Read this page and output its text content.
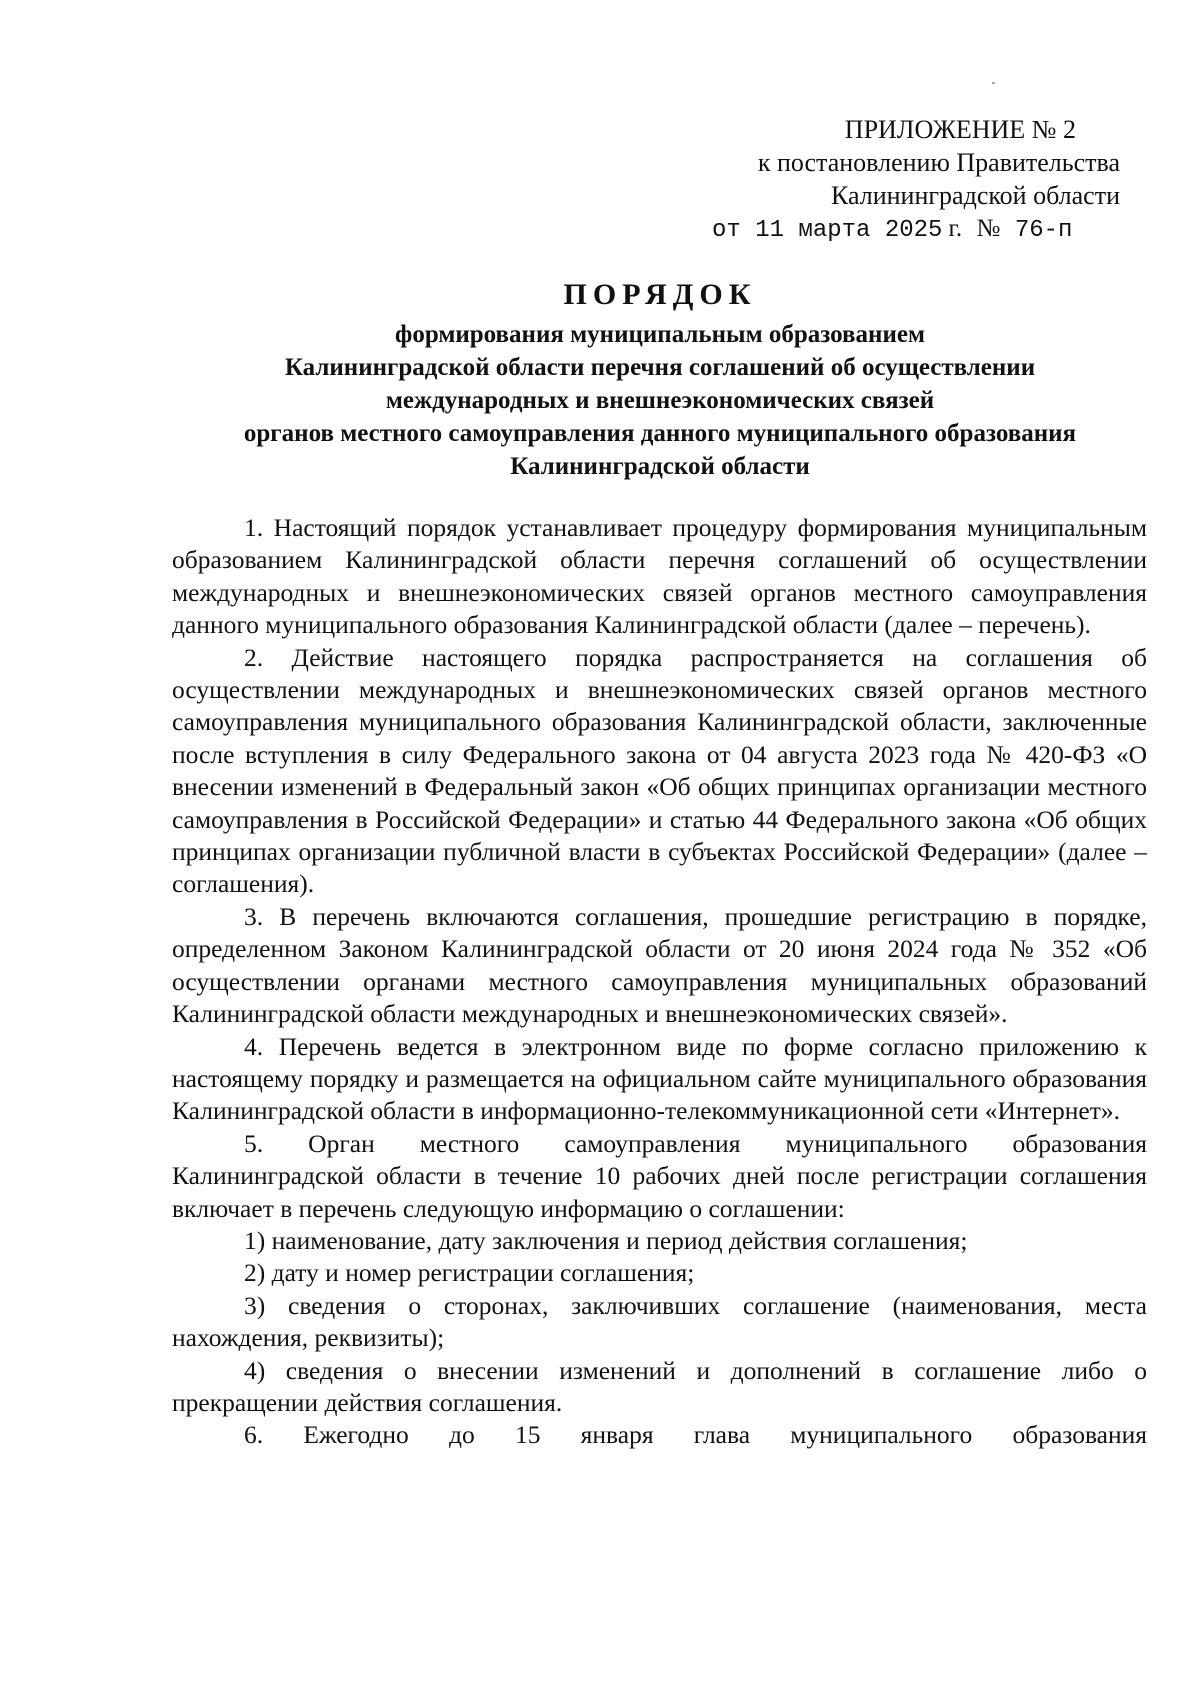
ПРИЛОЖЕНИЕ № 2
к постановлению Правительства
Калининградской области
от 11 марта 2025 г. № 76-п
ПОРЯДОК
формирования муниципальным образованием
Калининградской области перечня соглашений об осуществлении
международных и внешнеэкономических связей
органов местного самоуправления данного муниципального образования
Калининградской области

1. Настоящий порядок устанавливает процедуру формирования муниципальным образованием Калининградской области перечня соглашений об осуществлении международных и внешнеэкономических связей органов местного самоуправления данного муниципального образования Калининградской области (далее – перечень).

2. Действие настоящего порядка распространяется на соглашения об осуществлении международных и внешнеэкономических связей органов местного самоуправления муниципального образования Калининградской области, заключенные после вступления в силу Федерального закона от 04 августа 2023 года № 420-ФЗ «О внесении изменений в Федеральный закон «Об общих принципах организации местного самоуправления в Российской Федерации» и статью 44 Федерального закона «Об общих принципах организации публичной власти в субъектах Российской Федерации» (далее – соглашения).

3. В перечень включаются соглашения, прошедшие регистрацию в порядке, определенном Законом Калининградской области от 20 июня 2024 года № 352 «Об осуществлении органами местного самоуправления муниципальных образований Калининградской области международных и внешнеэкономических связей».

4. Перечень ведется в электронном виде по форме согласно приложению к настоящему порядку и размещается на официальном сайте муниципального образования Калининградской области в информационно-телекоммуникационной сети «Интернет».

5. Орган местного самоуправления муниципального образования Калининградской области в течение 10 рабочих дней после регистрации соглашения включает в перечень следующую информацию о соглашении:

1) наименование, дату заключения и период действия соглашения;

2) дату и номер регистрации соглашения;

3) сведения о сторонах, заключивших соглашение (наименования, места нахождения, реквизиты);

4) сведения о внесении изменений и дополнений в соглашение либо о прекращении действия соглашения.

6. Ежегодно до 15 января глава муниципального образования
